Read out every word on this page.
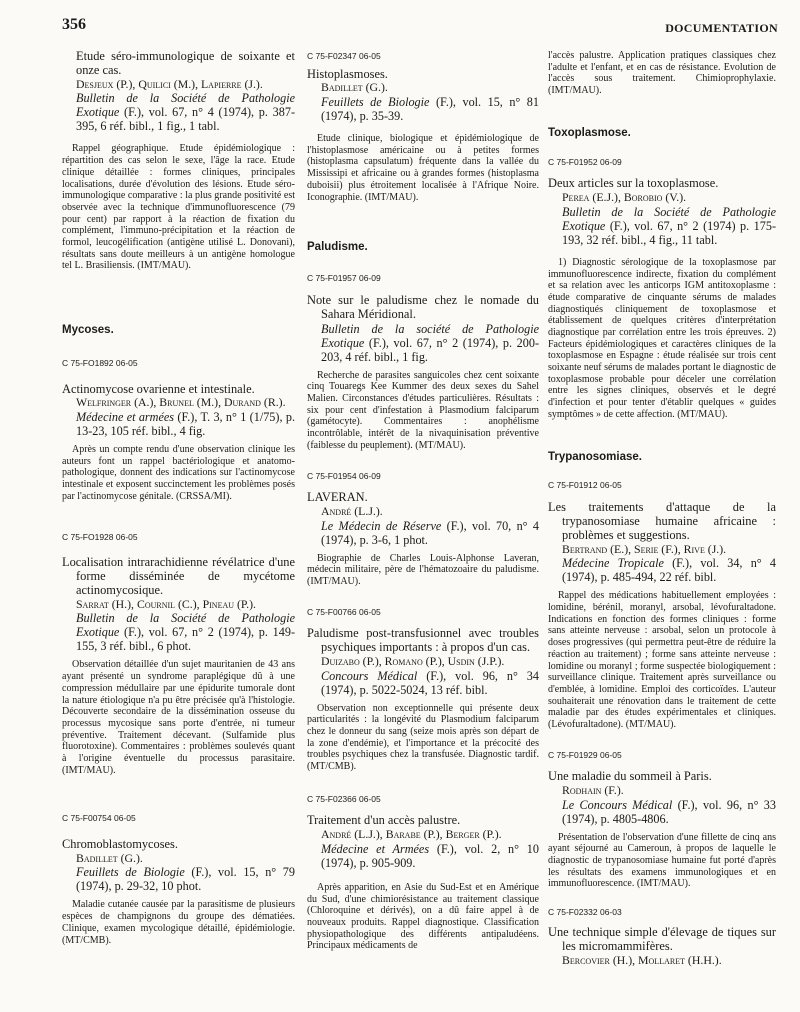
356	DOCUMENTATION
Etude séro-immunologique de soixante et onze cas.
Desjeux (P.), Quilici (M.), Lapierre (J.).
Bulletin de la Société de Pathologie Exotique (F.), vol. 67, n° 4 (1974), p. 387-395, 6 réf. bibl., 1 fig., 1 tabl.
Rappel géographique. Etude épidémiologique : répartition des cas selon le sexe, l'âge la race. Etude clinique détaillée : formes cliniques, principales localisations, durée d'évolution des lésions. Etude séro-immunologique comparative : la plus grande positivité est observée avec la technique d'immunofluorescence (79 pour cent) par rapport à la réaction de fixation du complément, l'immuno-précipitation et la réaction de formol, leucogélification (antigène utilisé L. Donovani), résultats sans doute meilleurs à un antigène homologue tel L. Brasiliensis. (IMT/MAU).
Mycoses.
C 75-FO1892 06-05
Actinomycose ovarienne et intestinale.
Welfringer (A.), Brunel (M.), Durand (R.).
Médecine et armées (F.), T. 3, n° 1 (1/75), p. 13-23, 105 réf. bibl., 4 fig.
Après un compte rendu d'une observation clinique les auteurs font un rappel bactériologique et anatomo-pathologique, donnent des indications sur l'actinomycose intestinale et exposent succinctement les problèmes posés par l'actinomycose génitale. (CRSSA/MI).
C 75-FO1928 06-05
Localisation intrarachidienne révélatrice d'une forme disséminée de mycétome actinomycosique.
Sarrat (H.), Cournil (C.), Pineau (P.).
Bulletin de la Société de Pathologie Exotique (F.), vol. 67, n° 2 (1974), p. 149-155, 3 réf. bibl., 6 phot.
Observation détaillée d'un sujet mauritanien de 43 ans ayant présenté un syndrome paraplégique dû à une compression médullaire par une épidurite tumorale dont la nature étiologique n'a pu être précisée qu'à l'histologie. Découverte secondaire de la dissémination osseuse du processus mycosique sans porte d'entrée, ni tumeur préventive. Traitement décevant. (Sulfamide plus fluorotoxine). Commentaires : problèmes soulevés quant à l'origine éventuelle du processus parasitaire. (IMT/MAU).
C 75-F00754 06-05
Chromoblastomycoses.
Badillet (G.).
Feuillets de Biologie (F.), vol. 15, n° 79 (1974), p. 29-32, 10 phot.
Maladie cutanée causée par la parasitisme de plusieurs espèces de champignons du groupe des dématiées. Clinique, examen mycologique détaillé, épidémiologie. (MT/CMB).
C 75-F02347 06-05
Histoplasmoses.
Badillet (G.).
Feuillets de Biologie (F.), vol. 15, n° 81 (1974), p. 35-39.
Etude clinique, biologique et épidémiologique de l'histoplasmose américaine ou à petites formes (histoplasma capsulatum) fréquente dans la vallée du Mississipi et africaine ou à grandes formes (histoplasma duboisii) plus étroitement localisée à l'Afrique Noire. Iconographie. (IMT/MAU).
Paludisme.
C 75-F01957 06-09
Note sur le paludisme chez le nomade du Sahara Méridional.
Bulletin de la société de Pathologie Exotique (F.), vol. 67, n° 2 (1974), p. 200-203, 4 réf. bibl., 1 fig.
Recherche de parasites sanguicoles chez cent soixante cinq Touaregs Kee Kummer des deux sexes du Sahel Malien. Circonstances d'études particulières. Résultats : six pour cent d'infestation à Plasmodium falciparum (gamétocyte). Commentaires : anophélisme incontrôlable, intérêt de la nivaquinisation préventive (faiblesse du peuplement). (MT/MAU).
C 75-F01954 06-09
LAVERAN.
André (L.J.).
Le Médecin de Réserve (F.), vol. 70, n° 4 (1974), p. 3-6, 1 phot.
Biographie de Charles Louis-Alphonse Laveran, médecin militaire, père de l'hématozoaire du paludisme. (IMT/MAU).
C 75-F00766 06-05
Paludisme post-transfusionnel avec troubles psychiques importants : à propos d'un cas.
Duizabo (P.), Romano (P.), Usdin (J.P.).
Concours Médical (F.), vol. 96, n° 34 (1974), p. 5022-5024, 13 réf. bibl.
Observation non exceptionnelle qui présente deux particularités : la longévité du Plasmodium falciparum chez le donneur du sang (seize mois après son départ de la zone d'endémie), et l'importance et la précocité des troubles psychiques chez la transfusée. Diagnostic tardif. (MT/CMB).
C 75-F02366 06-05
Traitement d'un accès palustre.
André (L.J.), Barabe (P.), Berger (P.).
Médecine et Armées (F.), vol. 2, n° 10 (1974), p. 905-909.
Après apparition, en Asie du Sud-Est et en Amérique du Sud, d'une chimiorésistance au traitement classique (Chloroquine et dérivés), on a dû faire appel à de nouveaux produits. Rappel diagnostique. Classification physiopathologique des différents antipaludéens. Principaux médicaments de
l'accès palustre. Application pratiques classiques chez l'adulte et l'enfant, et en cas de résistance. Evolution de l'accès sous traitement. Chimioprophylaxie. (IMT/MAU).
Toxoplasmose.
C 75-F01952 06-09
Deux articles sur la toxoplasmose.
Perea (E.J.), Borobio (V.).
Bulletin de la Société de Pathologie Exotique (F.), vol. 67, n° 2 (1974) p. 175-193, 32 réf. bibl., 4 fig., 11 tabl.
1) Diagnostic sérologique de la toxoplasmose par immunofluorescence indirecte, fixation du complément et sa relation avec les anticorps IGM antitoxoplasme : étude comparative de cinquante sérums de malades diagnostiqués cliniquement de toxoplasmose et établissement de quelques critères d'interprétation diagnostique par corrélation entre les trois épreuves. 2) Facteurs épidémiologiques et caractères cliniques de la toxoplasmose en Espagne : étude réalisée sur trois cent soixante neuf sérums de malades portant le diagnostic de toxoplasmose probable pour déceler une corrélation entre les signes cliniques, observés et le degré d'infection et pour tenter d'établir quelques « guides symptômes » de cette affection. (MT/MAU).
Trypanosomiase.
C 75-F01912 06-05
Les traitements d'attaque de la trypanosomiase humaine africaine : problèmes et suggestions.
Bertrand (E.), Serie (F.), Rive (J.).
Médecine Tropicale (F.), vol. 34, n° 4 (1974), p. 485-494, 22 réf. bibl.
Rappel des médications habituellement employées : lomidine, bérénil, moranyl, arsobal, lévofuraltadone. Indications en fonction des formes cliniques : forme sans atteinte nerveuse : arsobal, selon un protocole à doses progressives (qui permettra peut-être de réduire la réaction au traitement) ; forme sans atteinte nerveuse : lomidine ou moranyl ; forme suspectée biologiquement : surveillance clinique. Traitement après surveillance ou d'emblée, à lomidine. Emploi des corticoïdes. L'auteur souhaiterait une rénovation dans le traitement de cette maladie par des études expérimentales et cliniques. (Lévofuraltadone). (MT/MAU).
C 75-F01929 06-05
Une maladie du sommeil à Paris.
Rodhain (F.).
Le Concours Médical (F.), vol. 96, n° 33 (1974), p. 4805-4806.
Présentation de l'observation d'une fillette de cinq ans ayant séjourné au Cameroun, à propos de laquelle le diagnostic de trypanosomiase humaine fut porté d'après les résultats des examens immunologiques et en immunofluorescence. (IMT/MAU).
C 75-F02332 06-03
Une technique simple d'élevage de tiques sur les micromammifères.
Bercovier (H.), Mollaret (H.H.).
